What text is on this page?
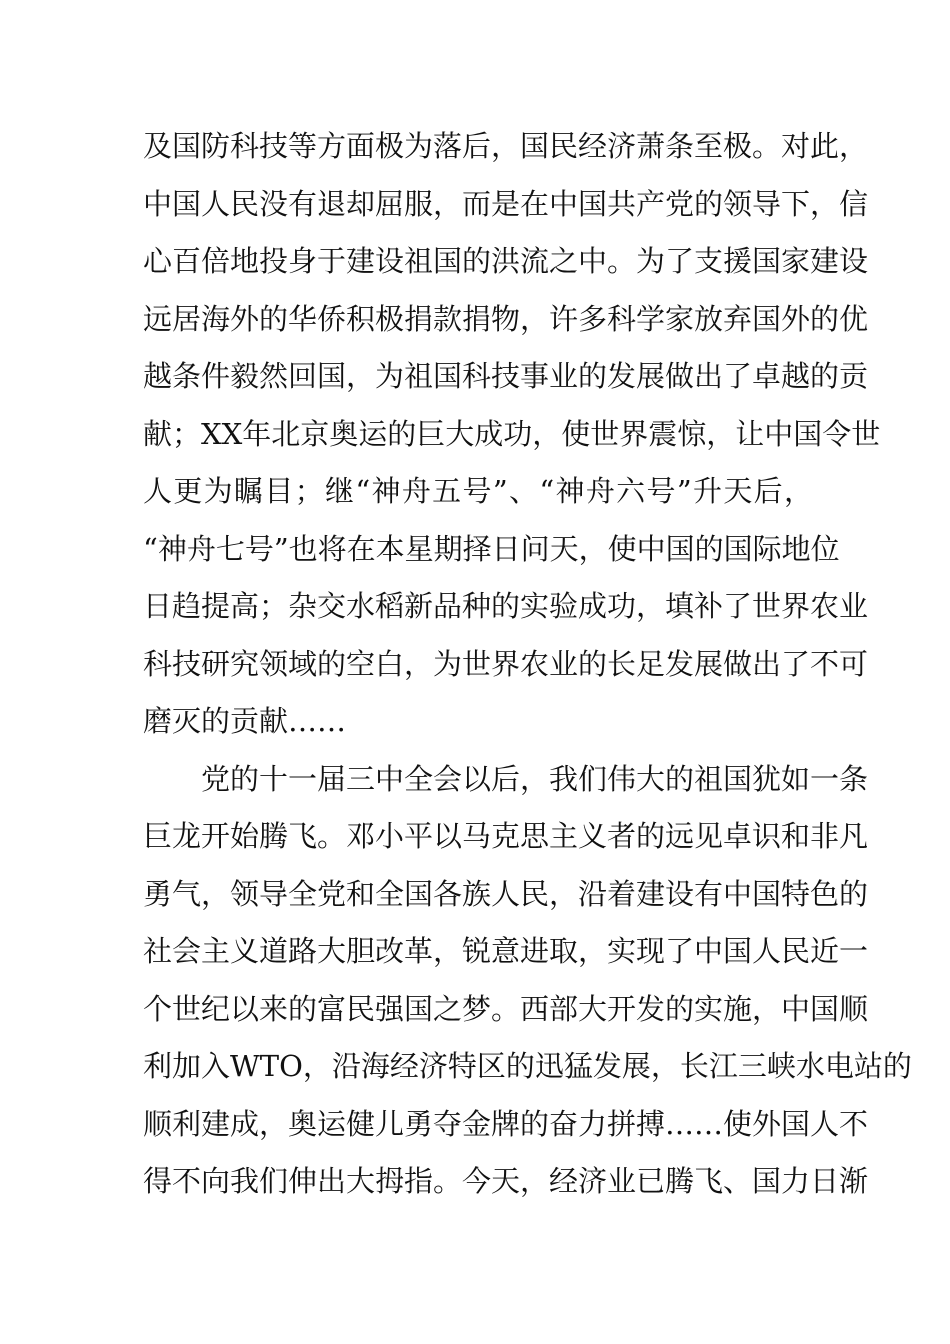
及国防科技等方面极为落后，国民经济萧条至极。对此，
中国人民没有退却屈服，而是在中国共产党的领导下，信
心百倍地投身于建设祖国的洪流之中。为了支援国家建设
远居海外的华侨积极捐款捐物，许多科学家放弃国外的优
越条件毅然回国，为祖国科技事业的发展做出了卓越的贡
献；XX年北京奥运的巨大成功，使世界震惊，让中国令世
人更为瞩目；继“神舟五号”、“神舟六号”升天后，
“神舟七号”也将在本星期择日问天，使中国的国际地位
日趋提高；杂交水稻新品种的实验成功，填补了世界农业
科技研究领域的空白，为世界农业的长足发展做出了不可
磨灭的贡献……
党的十一届三中全会以后，我们伟大的祖国犹如一条
巨龙开始腾飞。邓小平以马克思主义者的远见卓识和非凡
勇气，领导全党和全国各族人民，沿着建设有中国特色的
社会主义道路大胆改革，锐意进取，实现了中国人民近一
个世纪以来的富民强国之梦。西部大开发的实施，中国顺
利加入WTO，沿海经济特区的迅猛发展，长江三峡水电站的
顺利建成，奥运健儿勇夺金牌的奋力拼搏……使外国人不
得不向我们伸出大拇指。今天，经济业已腾飞、国力日渐
